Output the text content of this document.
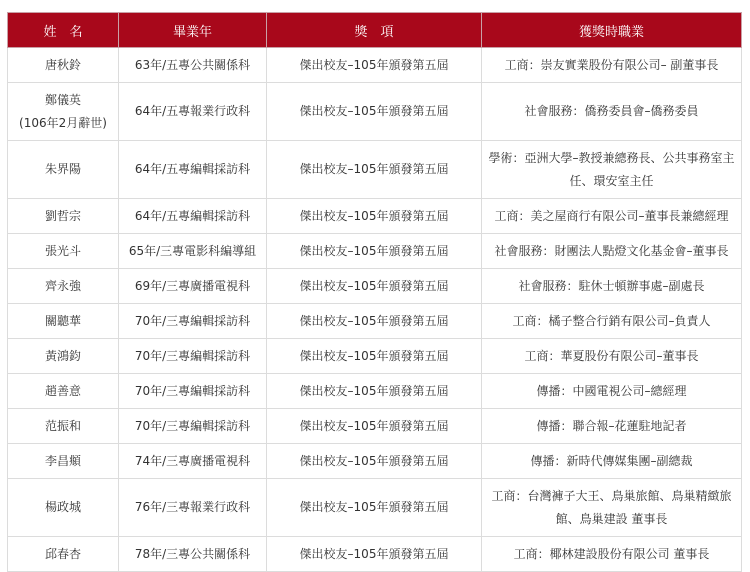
姓　名	畢業年	獎　項	獲獎時職業

唐秋鈴	63年/五專公共關係科	傑出校友–105年頒發第五屆	工商：崇友實業股份有限公司– 副董事長

鄭儀英
(106年2月辭世)	64年/五專報業行政科	傑出校友–105年頒發第五屆	社會服務：僑務委員會–僑務委員

朱界陽	64年/五專編輯採訪科	傑出校友–105年頒發第五屆	學術：亞洲大學–教授兼總務長、公共事務室主任、環安室主任

劉哲宗	64年/五專編輯採訪科	傑出校友–105年頒發第五屆	工商：美之屋商行有限公司–董事長兼總經理

張光斗	65年/三專電影科編導組	傑出校友–105年頒發第五屆	社會服務：財團法人點燈文化基金會–董事長

齊永強	69年/三專廣播電視科	傑出校友–105年頒發第五屆	社會服務：駐休士頓辦事處–副處長

關聽華	70年/三專編輯採訪科	傑出校友–105年頒發第五屆	工商：橘子整合行銷有限公司–負責人

黃鴻鈞	70年/三專編輯採訪科	傑出校友–105年頒發第五屆	工商：華夏股份有限公司–董事長

趙善意	70年/三專編輯採訪科	傑出校友–105年頒發第五屆	傳播：中國電視公司–總經理

范振和	70年/三專編輯採訪科	傑出校友–105年頒發第五屆	傳播：聯合報–花蓮駐地記者

李昌頫	74年/三專廣播電視科	傑出校友–105年頒發第五屆	傳播：新時代傳媒集團–副總裁

楊政城	76年/三專報業行政科	傑出校友–105年頒發第五屆	工商：台灣褲子大王、鳥巢旅館、鳥巢精緻旅館、鳥巢建設 董事長

邱春杏	78年/三專公共關係科	傑出校友–105年頒發第五屆	工商：椰林建設股份有限公司 董事長
